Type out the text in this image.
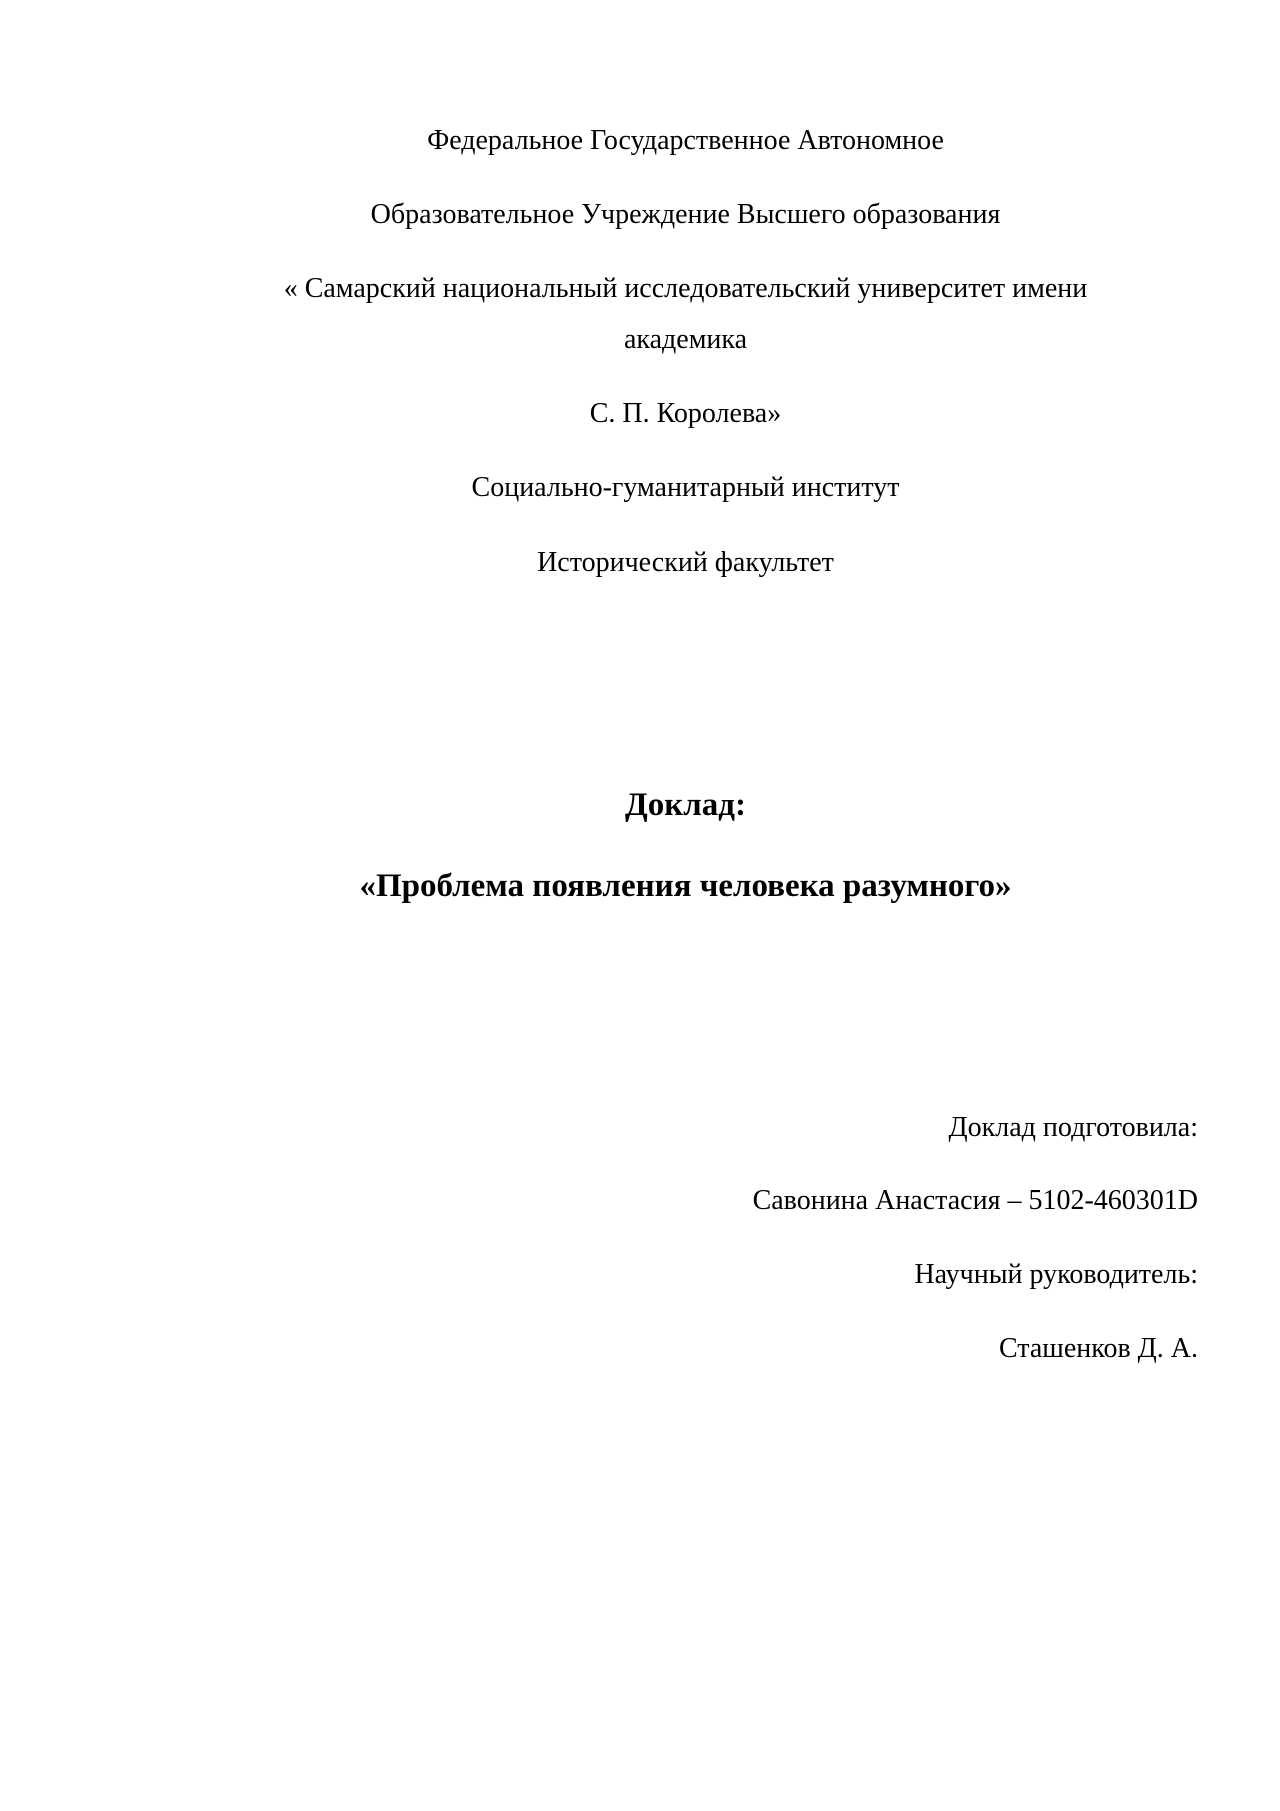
Федеральное Государственное Автономное
Образовательное Учреждение Высшего образования
« Самарский национальный исследовательский университет имени
академика
С. П. Королева»
Социально-гуманитарный институт
Исторический факультет
Доклад:
«Проблема появления человека разумного»
Доклад подготовила:
Савонина Анастасия – 5102-460301D
Научный руководитель:
Сташенков Д. А.
